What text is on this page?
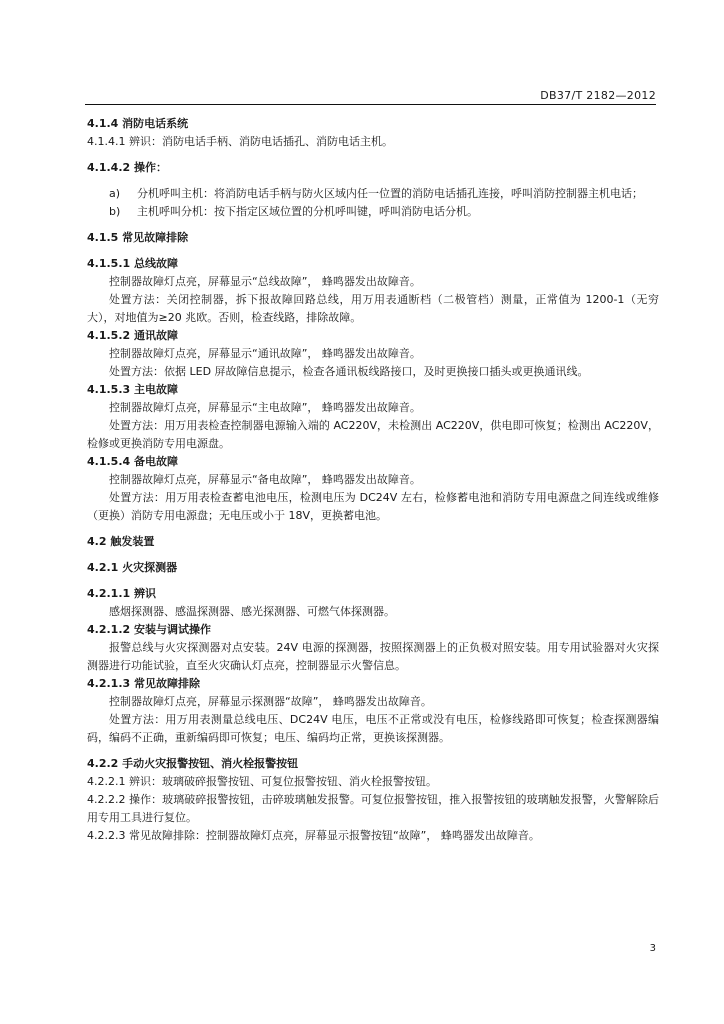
DB37/T 2182—2012

4.1.4 消防电话系统

4.1.4.1 辨识：消防电话手柄、消防电话插孔、消防电话主机。

4.1.4.2 操作：

a)	分机呼叫主机：将消防电话手柄与防火区域内任一位置的消防电话插孔连接，呼叫消防控制器主机电话；
b)	主机呼叫分机：按下指定区域位置的分机呼叫键，呼叫消防电话分机。

4.1.5 常见故障排除

4.1.5.1 总线故障

控制器故障灯点亮，屏幕显示“总线故障”， 蜂鸣器发出故障音。

处置方法：关闭控制器，拆下报故障回路总线，用万用表通断档（二极管档）测量，正常值为 1200-1（无穷大），对地值为≥20 兆欧。否则，检查线路，排除故障。

4.1.5.2 通讯故障

控制器故障灯点亮，屏幕显示“通讯故障”， 蜂鸣器发出故障音。

处置方法：依据 LED 屏故障信息提示，检查各通讯板线路接口，及时更换接口插头或更换通讯线。

4.1.5.3 主电故障

控制器故障灯点亮，屏幕显示“主电故障”， 蜂鸣器发出故障音。

处置方法：用万用表检查控制器电源输入端的 AC220V，未检测出 AC220V，供电即可恢复；检测出 AC220V，检修或更换消防专用电源盘。

4.1.5.4 备电故障

控制器故障灯点亮，屏幕显示“备电故障”， 蜂鸣器发出故障音。

处置方法：用万用表检查蓄电池电压，检测电压为 DC24V 左右，检修蓄电池和消防专用电源盘之间连线或维修（更换）消防专用电源盘；无电压或小于 18V，更换蓄电池。

4.2 触发装置

4.2.1 火灾探测器

4.2.1.1 辨识

感烟探测器、感温探测器、感光探测器、可燃气体探测器。

4.2.1.2 安装与调试操作

报警总线与火灾探测器对点安装。24V 电源的探测器，按照探测器上的正负极对照安装。用专用试验器对火灾探测器进行功能试验，直至火灾确认灯点亮，控制器显示火警信息。

4.2.1.3 常见故障排除

控制器故障灯点亮，屏幕显示探测器“故障”， 蜂鸣器发出故障音。

处置方法：用万用表测量总线电压、DC24V 电压，电压不正常或没有电压，检修线路即可恢复；检查探测器编码，编码不正确，重新编码即可恢复；电压、编码均正常，更换该探测器。

4.2.2 手动火灾报警按钮、消火栓报警按钮

4.2.2.1 辨识：玻璃破碎报警按钮、可复位报警按钮、消火栓报警按钮。

4.2.2.2 操作：玻璃破碎报警按钮，击碎玻璃触发报警。可复位报警按钮，推入报警按钮的玻璃触发报警，火警解除后用专用工具进行复位。

4.2.2.3 常见故障排除：控制器故障灯点亮，屏幕显示报警按钮“故障”， 蜂鸣器发出故障音。

3
